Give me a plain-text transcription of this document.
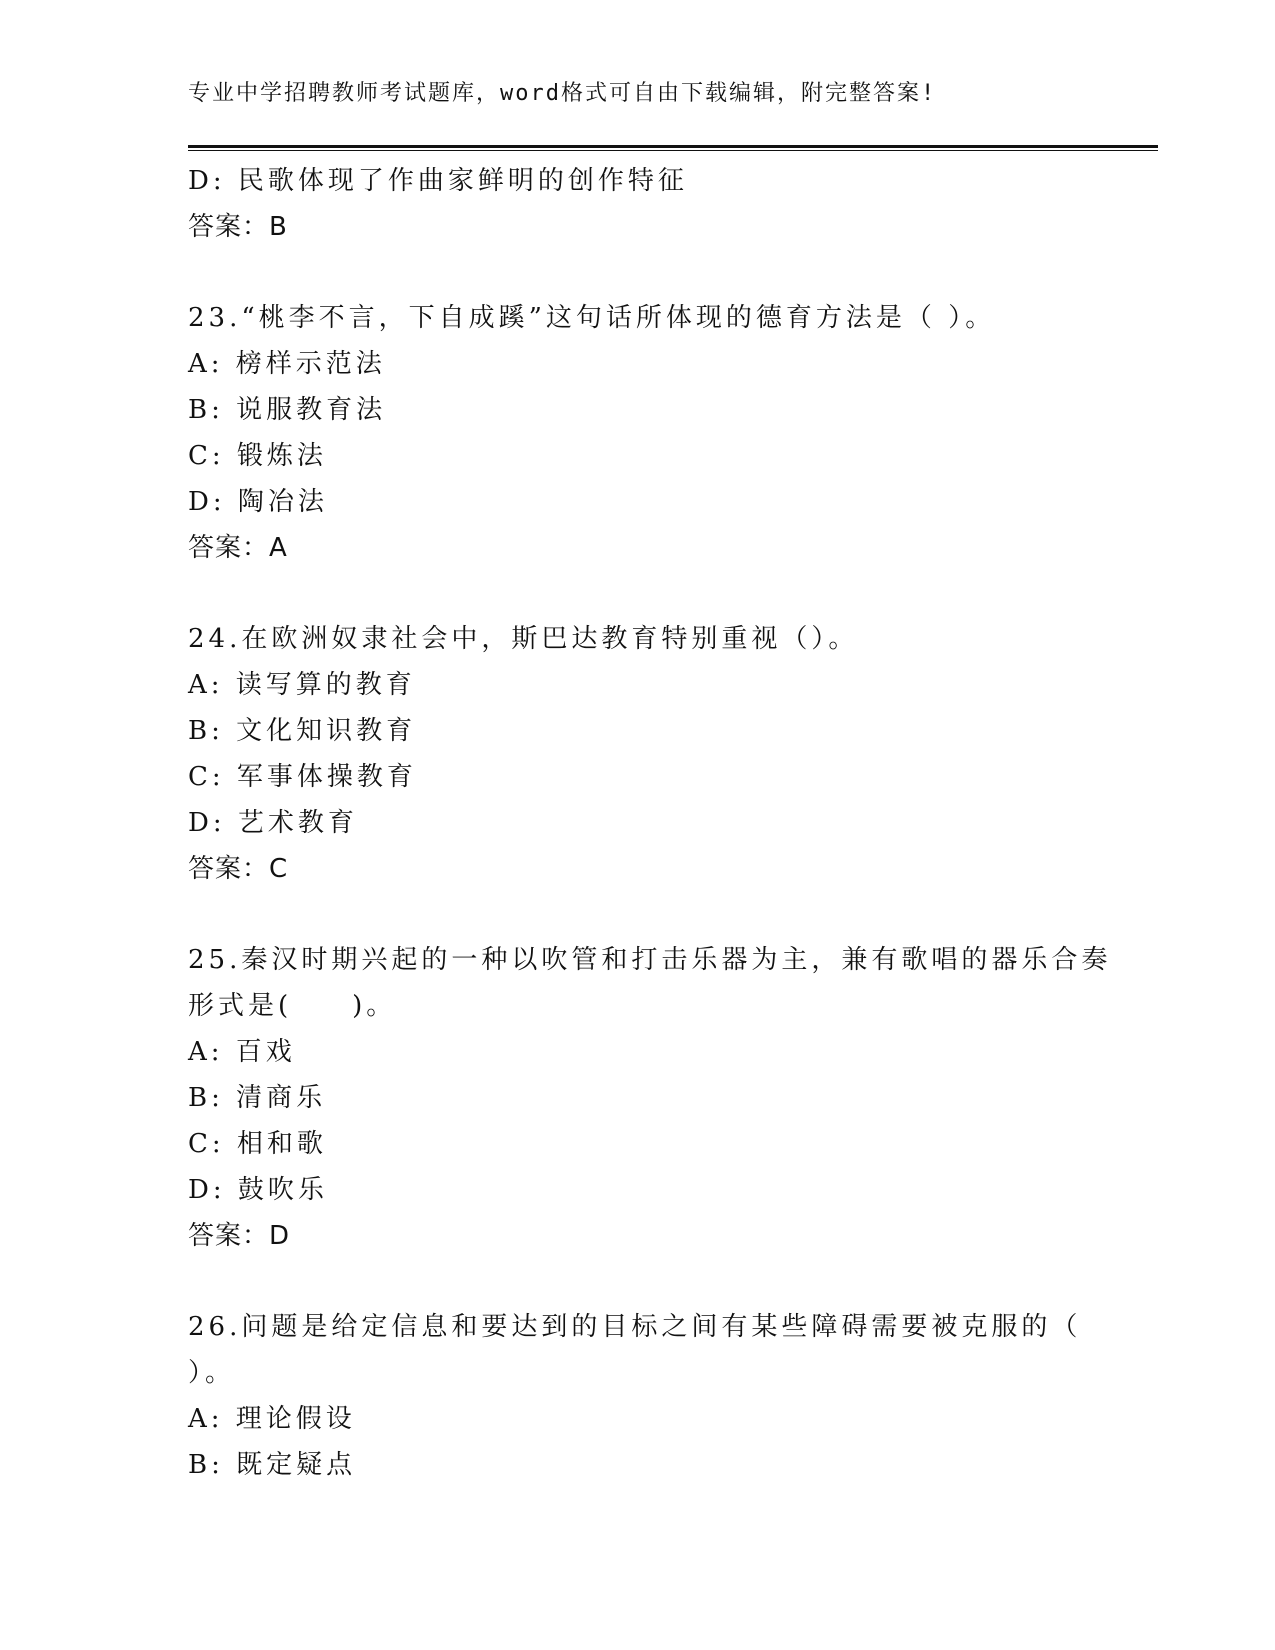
专业中学招聘教师考试题库，word格式可自由下载编辑，附完整答案!
D: 民歌体现了作曲家鲜明的创作特征
答案：B
23.“桃李不言，下自成蹊”这句话所体现的德育方法是（ ）。
A: 榜样示范法
B: 说服教育法
C: 锻炼法
D: 陶冶法
答案：A
24.在欧洲奴隶社会中，斯巴达教育特别重视（）。
A: 读写算的教育
B: 文化知识教育
C: 军事体操教育
D: 艺术教育
答案：C
25.秦汉时期兴起的一种以吹管和打击乐器为主，兼有歌唱的器乐合奏
形式是(　　)。
A: 百戏
B: 清商乐
C: 相和歌
D: 鼓吹乐
答案：D
26.问题是给定信息和要达到的目标之间有某些障碍需要被克服的（
）。
A: 理论假设
B: 既定疑点
